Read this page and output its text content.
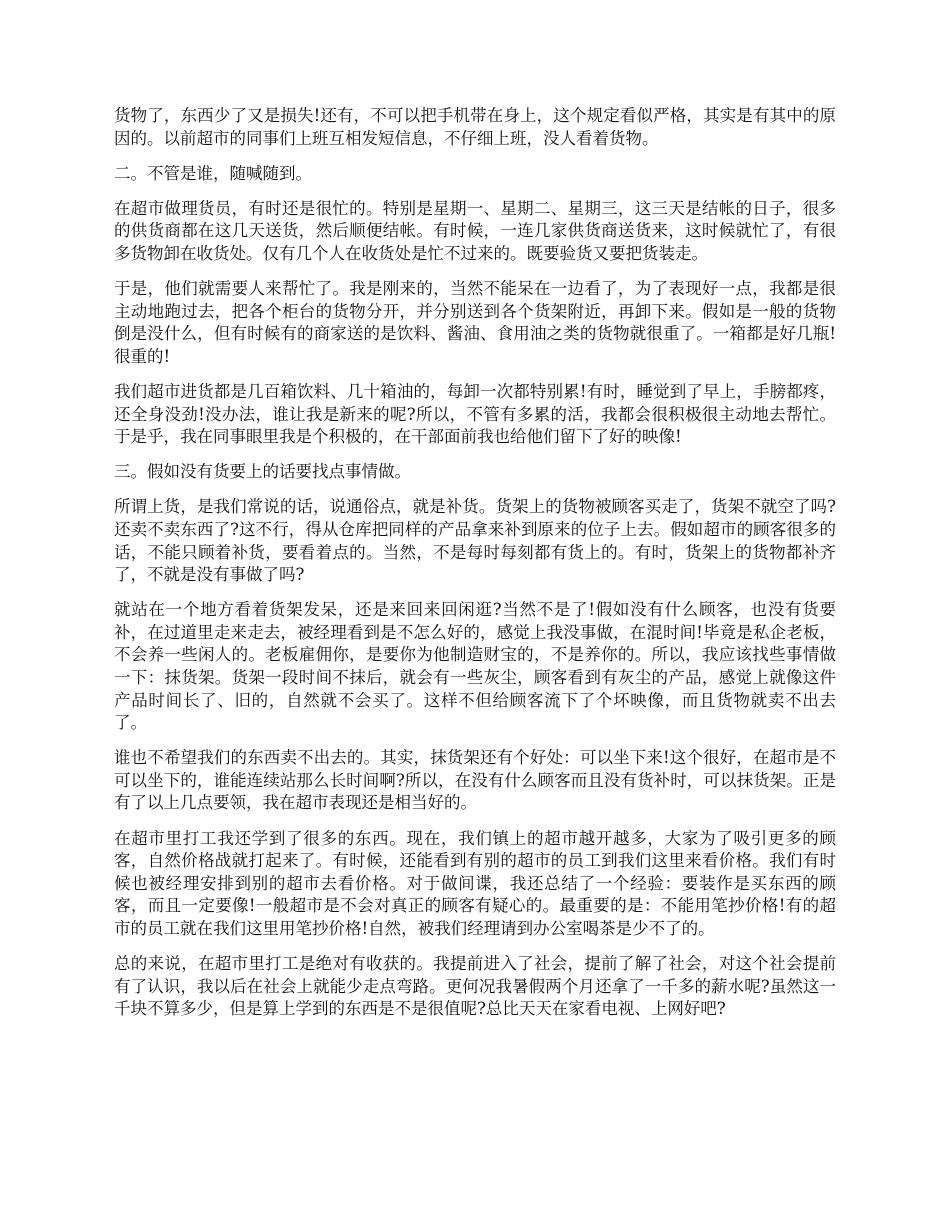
货物了，东西少了又是损失!还有，不可以把手机带在身上，这个规定看似严格，其实是有其中的原因的。以前超市的同事们上班互相发短信息，不仔细上班，没人看着货物。

二。不管是谁，随喊随到。

在超市做理货员，有时还是很忙的。特别是星期一、星期二、星期三，这三天是结帐的日子，很多的供货商都在这几天送货，然后顺便结帐。有时候，一连几家供货商送货来，这时候就忙了，有很多货物卸在收货处。仅有几个人在收货处是忙不过来的。既要验货又要把货装走。

于是，他们就需要人来帮忙了。我是刚来的，当然不能呆在一边看了，为了表现好一点，我都是很主动地跑过去，把各个柜台的货物分开，并分别送到各个货架附近，再卸下来。假如是一般的货物倒是没什么，但有时候有的商家送的是饮料、酱油、食用油之类的货物就很重了。一箱都是好几瓶!很重的!

我们超市进货都是几百箱饮料、几十箱油的，每卸一次都特别累!有时，睡觉到了早上，手膀都疼，还全身没劲!没办法，谁让我是新来的呢?所以，不管有多累的活，我都会很积极很主动地去帮忙。于是乎，我在同事眼里我是个积极的，在干部面前我也给他们留下了好的映像!

三。假如没有货要上的话要找点事情做。

所谓上货，是我们常说的话，说通俗点，就是补货。货架上的货物被顾客买走了，货架不就空了吗?还卖不卖东西了?这不行，得从仓库把同样的产品拿来补到原来的位子上去。假如超市的顾客很多的话，不能只顾着补货，要看着点的。当然，不是每时每刻都有货上的。有时，货架上的货物都补齐了，不就是没有事做了吗?

就站在一个地方看着货架发呆，还是来回来回闲逛?当然不是了!假如没有什么顾客，也没有货要补，在过道里走来走去，被经理看到是不怎么好的，感觉上我没事做，在混时间!毕竟是私企老板，不会养一些闲人的。老板雇佣你，是要你为他制造财宝的，不是养你的。所以，我应该找些事情做一下：抹货架。货架一段时间不抹后，就会有一些灰尘，顾客看到有灰尘的产品，感觉上就像这件产品时间长了、旧的，自然就不会买了。这样不但给顾客流下了个坏映像，而且货物就卖不出去了。

谁也不希望我们的东西卖不出去的。其实，抹货架还有个好处：可以坐下来!这个很好，在超市是不可以坐下的，谁能连续站那么长时间啊?所以，在没有什么顾客而且没有货补时，可以抹货架。正是有了以上几点要领，我在超市表现还是相当好的。

在超市里打工我还学到了很多的东西。现在，我们镇上的超市越开越多，大家为了吸引更多的顾客，自然价格战就打起来了。有时候，还能看到有别的超市的员工到我们这里来看价格。我们有时候也被经理安排到别的超市去看价格。对于做间谍，我还总结了一个经验：要装作是买东西的顾客，而且一定要像!一般超市是不会对真正的顾客有疑心的。最重要的是：不能用笔抄价格!有的超市的员工就在我们这里用笔抄价格!自然，被我们经理请到办公室喝茶是少不了的。

总的来说，在超市里打工是绝对有收获的。我提前进入了社会，提前了解了社会，对这个社会提前有了认识，我以后在社会上就能少走点弯路。更何况我暑假两个月还拿了一千多的薪水呢?虽然这一千块不算多少，但是算上学到的东西是不是很值呢?总比天天在家看电视、上网好吧?
